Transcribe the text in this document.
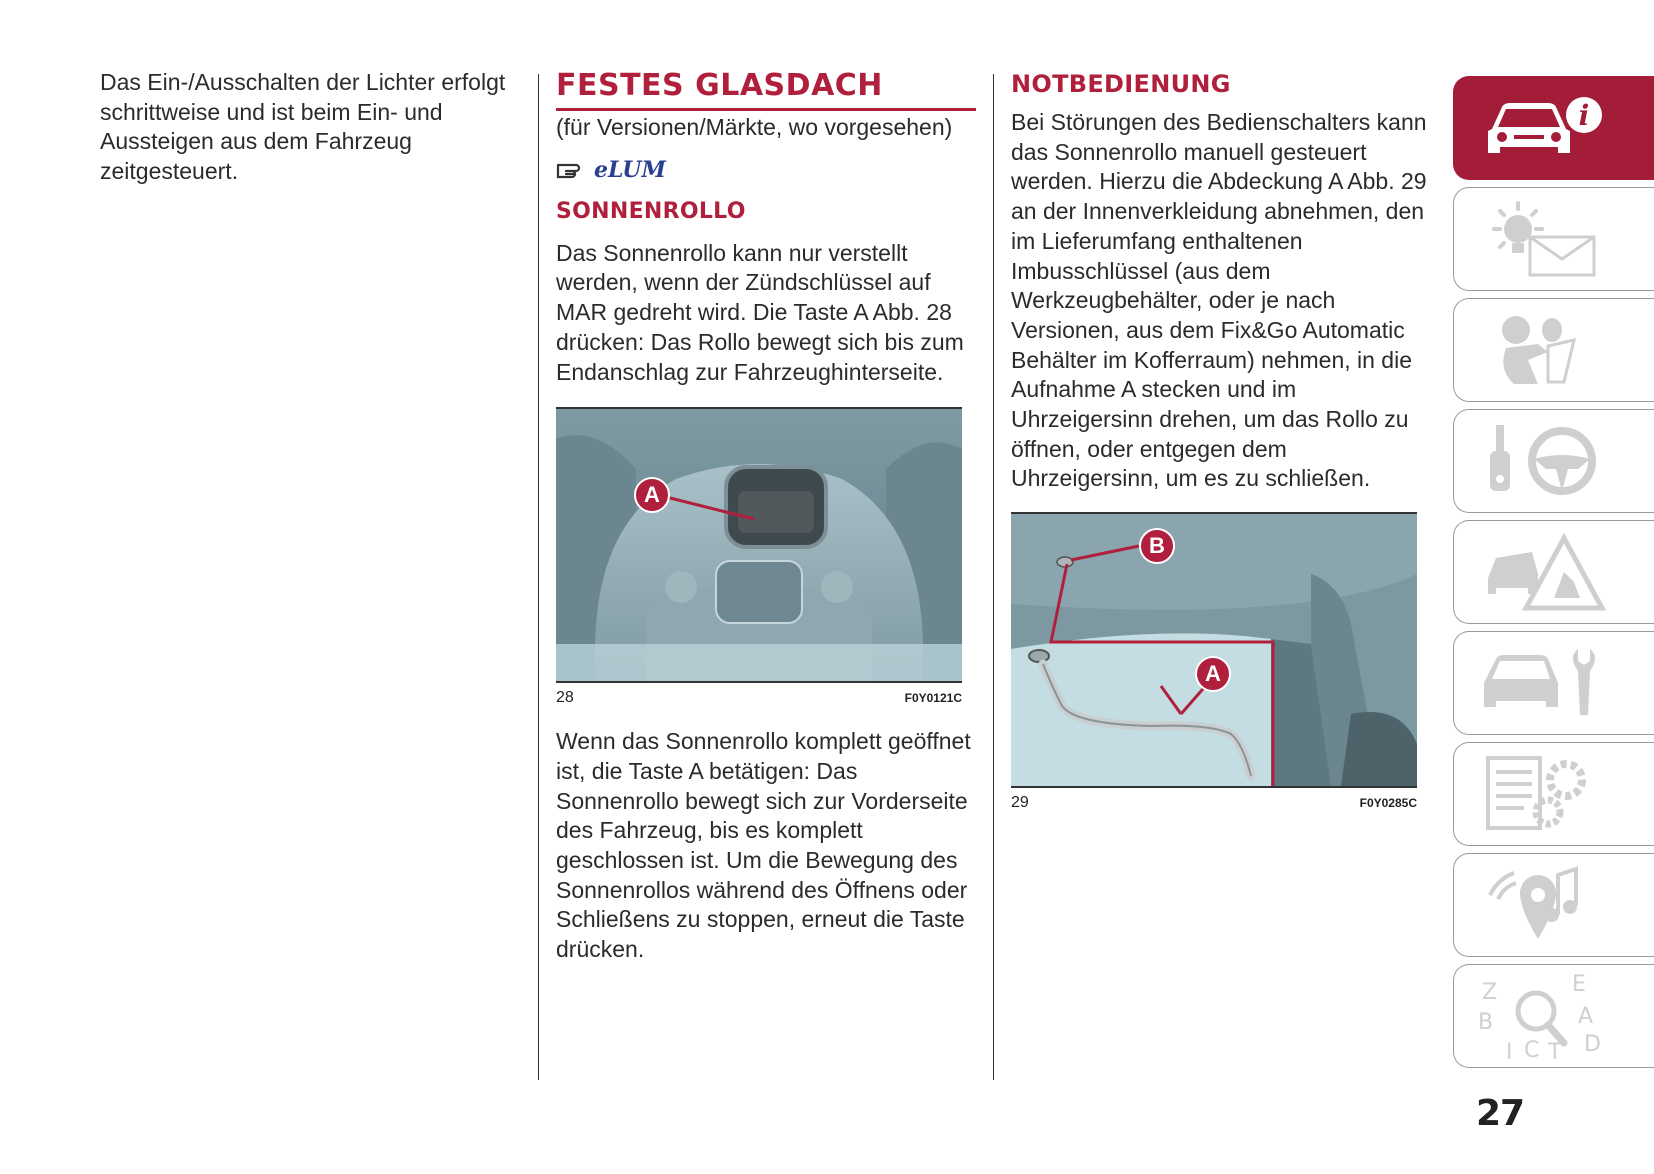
Das Ein-/Ausschalten der Lichter erfolgt schrittweise und ist beim Ein- und Aussteigen aus dem Fahrzeug zeitgesteuert.

FESTES GLASDACH

(für Versionen/Märkte, wo vorgesehen)

eLUM
SONNENROLLO

Das Sonnenrollo kann nur verstellt werden, wenn der Zündschlüssel auf MAR gedreht wird. Die Taste A Abb. 28 drücken: Das Rollo bewegt sich bis zum Endanschlag zur Fahrzeughinterseite.

A
28	F0Y0121C

Wenn das Sonnenrollo komplett geöffnet ist, die Taste A betätigen: Das Sonnenrollo bewegt sich zur Vorderseite des Fahrzeug, bis es komplett geschlossen ist. Um die Bewegung des Sonnenrollos während des Öffnens oder Schließens zu stoppen, erneut die Taste drücken.

NOTBEDIENUNG

Bei Störungen des Bedienschalters kann das Sonnenrollo manuell gesteuert werden. Hierzu die Abdeckung A Abb. 29 an der Innenverkleidung abnehmen, den im Lieferumfang enthaltenen Imbusschlüssel (aus dem Werkzeugbehälter, oder je nach Versionen, aus dem Fix&Go Automatic Behälter im Kofferraum) nehmen, in die Aufnahme A stecken und im Uhrzeigersinn drehen, um das Rollo zu öffnen, oder entgegen dem Uhrzeigersinn, um es zu schließen.

B
A
29	F0Y0285C
i
Z	E
B	A
I C T D
27
